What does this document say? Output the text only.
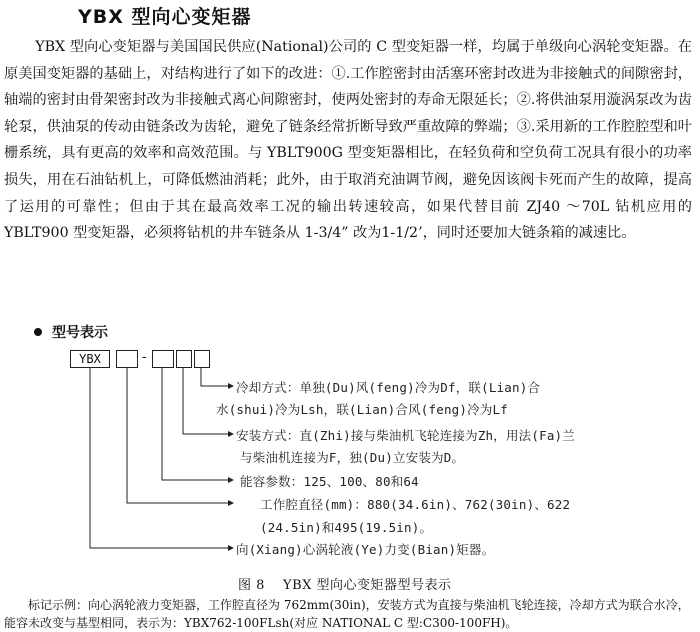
YBX 型向心变矩器

YBX 型向心变矩器与美国国民供应(National)公司的 C 型变矩器一样，均属于单级向心涡轮变矩器。在原美国变矩器的基础上，对结构进行了如下的改进：①.工作腔密封由活塞环密封改进为非接触式的间隙密封，轴端的密封由骨架密封改为非接触式离心间隙密封，使两处密封的寿命无限延长；②.将供油泵用漩涡泵改为齿轮泵，供油泵的传动由链条改为齿轮，避免了链条经常折断导致严重故障的弊端；③.采用新的工作腔腔型和叶栅系统，具有更高的效率和高效范围。与 YBLT900G 型变矩器相比，在轻负荷和空负荷工况具有很小的功率损失，用在石油钻机上，可降低燃油消耗；此外，由于取消充油调节阀，避免因该阀卡死而产生的故障，提高了运用的可靠性；但由于其在最高效率工况的输出转速较高，如果代替目前 ZJ40 ～70L 钻机应用的 YBLT900 型变矩器，必须将钻机的井车链条从 1-3/4” 改为1-1/2’，同时还要加大链条箱的减速比。

型号表示
YBX	-
冷却方式：单独(Du)风(feng)冷为Df，联(Lian)合
水(shui)冷为Lsh，联(Lian)合风(feng)冷为Lf
安装方式：直(Zhi)接与柴油机飞轮连接为Zh，用法(Fa)兰
与柴油机连接为F，独(Du)立安装为D。
能容参数：125、100、80和64
工作腔直径(mm)：880(34.6in)、762(30in)、622
(24.5in)和495(19.5in)。
向(Xiang)心涡轮液(Ye)力变(Bian)矩器。
图 8　 YBX 型向心变矩器型号表示

标记示例：向心涡轮液力变矩器，工作腔直径为 762mm(30in)，安装方式为直接与柴油机飞轮连接，冷却方式为联合水冷，能容未改变与基型相同，表示为：YBX762-100FLsh(对应 NATIONAL C 型:C300-100FH)。
